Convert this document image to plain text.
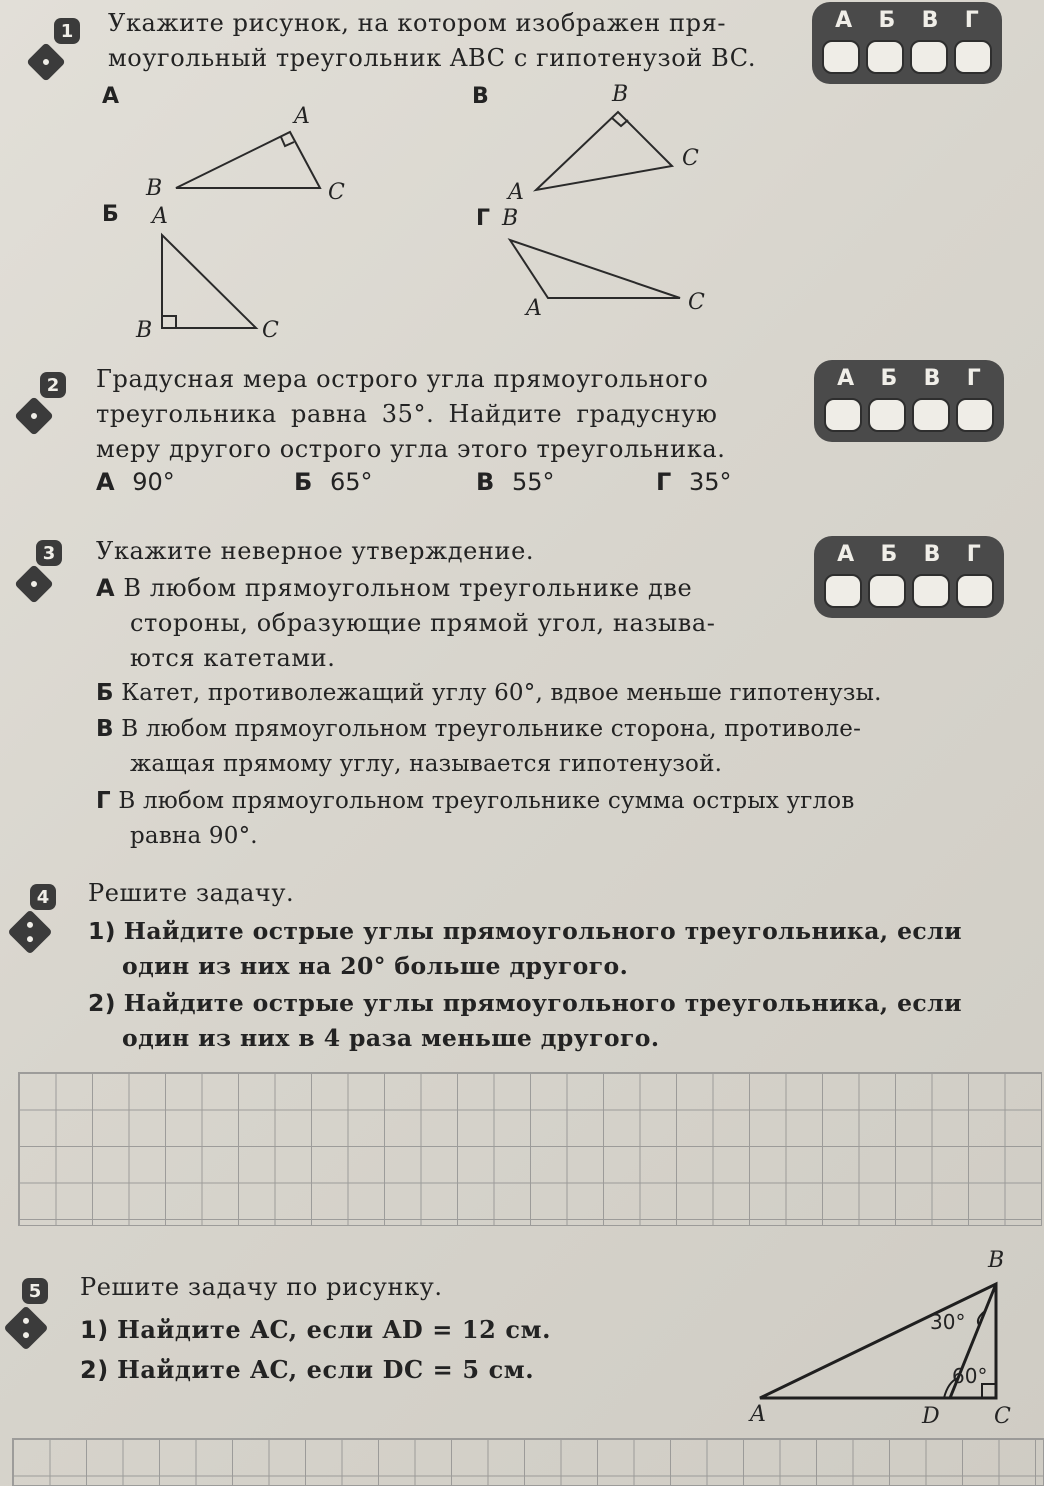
1 Укажите рисунок, на котором изображен пря-

моугольный треугольник ABC с гипотенузой BC.

А Б В Г
А
A
B	C
В	B
C
A
Б A
B	C
Г B
A	C
2 Градусная мера острого угла прямоугольного

треугольника равна 35°. Найдите градусную

меру другого острого угла этого треугольника.

А Б В Г
А 90°	Б 65°	В 55°	Г 35°
3	А Б В Г

Укажите неверное утверждение.

А В любом прямоугольном треугольнике две

стороны, образующие прямой угол, называ-

ются катетами.

Б Катет, противолежащий углу 60°, вдвое меньше гипотенузы.

В В любом прямоугольном треугольнике сторона, противоле-

жащая прямому углу, называется гипотенузой.

Г В любом прямоугольном треугольнике сумма острых углов

равна 90°.

4 Решите задачу.

1) Найдите острые углы прямоугольного треугольника, если

один из них на 20° больше другого.

2) Найдите острые углы прямоугольного треугольника, если

один из них в 4 раза меньше другого.

5 Решите задачу по рисунку.

1) Найдите AC, если AD = 12 см.

2) Найдите AC, если DC = 5 см.

B
A	D C
30°
60°
